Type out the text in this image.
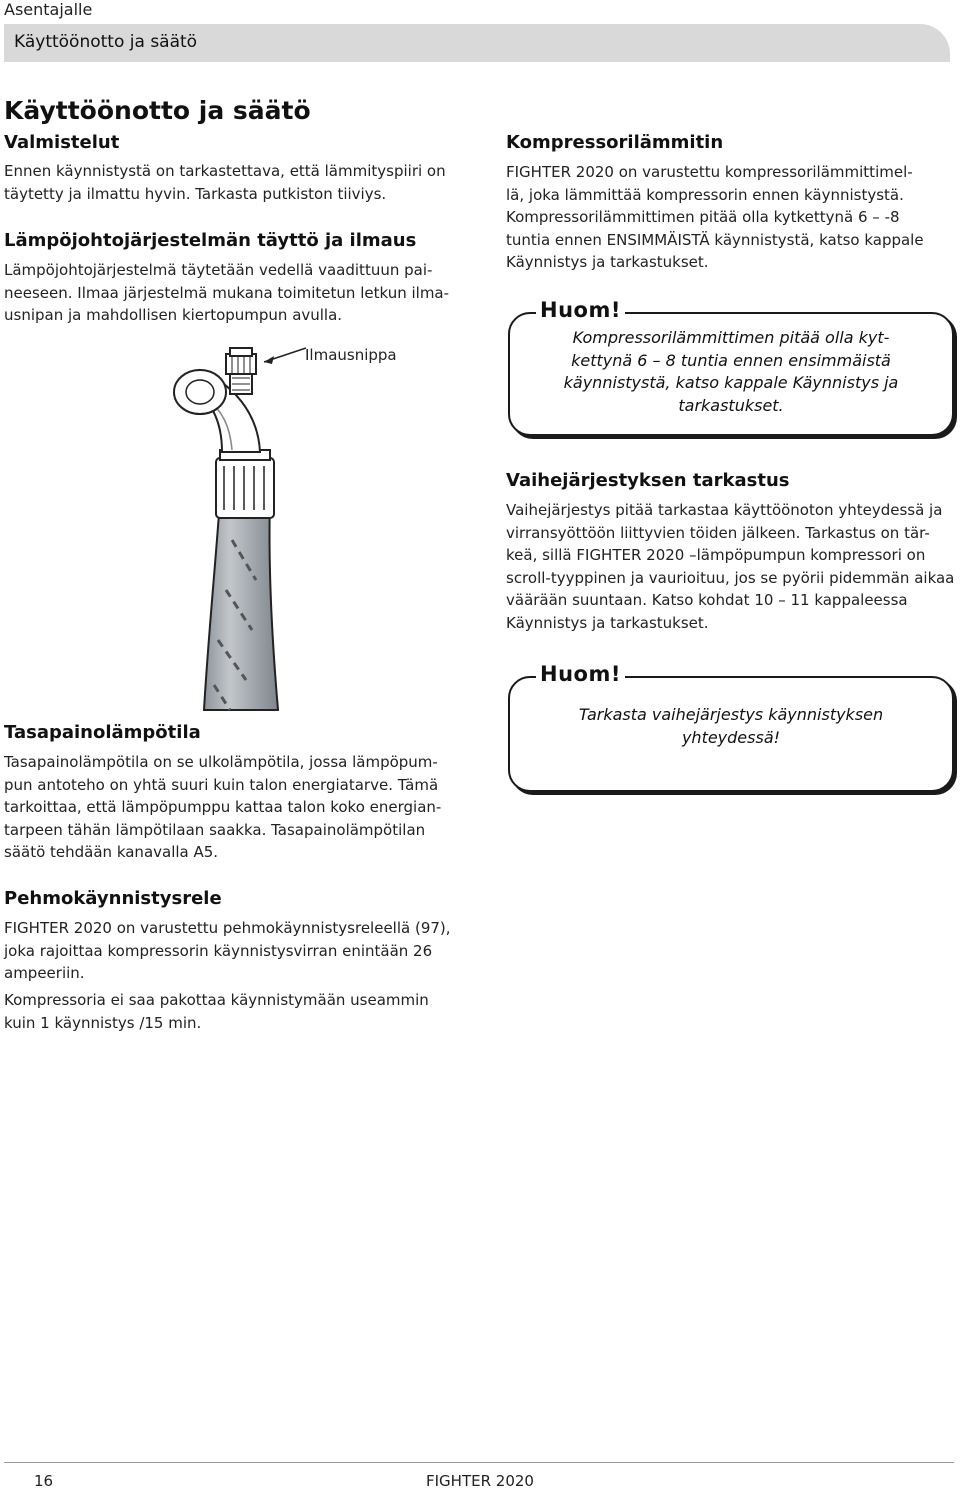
Asentajalle
Käyttöönotto ja säätö
Käyttöönotto ja säätö
Valmistelut
Ennen käynnistystä on tarkastettava, että lämmityspiiri on
täytetty ja ilmattu hyvin. Tarkasta putkiston tiiviys.
Lämpöjohtojärjestelmän täyttö ja ilmaus
Lämpöjohtojärjestelmä täytetään vedellä vaadittuun pai-
neeseen. Ilmaa järjestelmä mukana toimitetun letkun ilma-
usnipan ja mahdollisen kiertopumpun avulla.
Ilmausnippa
Tasapainolämpötila
Tasapainolämpötila on se ulkolämpötila, jossa lämpöpum-
pun antoteho on yhtä suuri kuin talon energiatarve. Tämä
tarkoittaa, että lämpöpumppu kattaa talon koko energian-
tarpeen tähän lämpötilaan saakka. Tasapainolämpötilan
säätö tehdään kanavalla A5.
Pehmokäynnistysrele
FIGHTER 2020 on varustettu pehmokäynnistysreleellä (97),
joka rajoittaa kompressorin käynnistysvirran enintään 26
ampeeriin.
Kompressoria ei saa pakottaa käynnistymään useammin
kuin 1 käynnistys /15 min.
Kompressorilämmitin
FIGHTER 2020 on varustettu kompressorilämmittimel-
lä, joka lämmittää kompressorin ennen käynnistystä.
Kompressorilämmittimen pitää olla kytkettynä 6 – -8
tuntia ennen ENSIMMÄISTÄ käynnistystä, katso kappale
Käynnistys ja tarkastukset.
Huom!
Kompressorilämmittimen pitää olla kyt-
kettynä 6 – 8 tuntia ennen ensimmäistä
käynnistystä, katso kappale Käynnistys ja
tarkastukset.
Vaihejärjestyksen tarkastus
Vaihejärjestys pitää tarkastaa käyttöönoton yhteydessä ja
virransyöttöön liittyvien töiden jälkeen. Tarkastus on tär-
keä, sillä FIGHTER 2020 –lämpöpumpun kompressori on
scroll-tyyppinen ja vaurioituu, jos se pyörii pidemmän aikaa
väärään suuntaan. Katso kohdat 10 – 11 kappaleessa
Käynnistys ja tarkastukset.
Huom!
Tarkasta vaihejärjestys käynnistyksen
yhteydessä!
16	FIGHTER 2020
